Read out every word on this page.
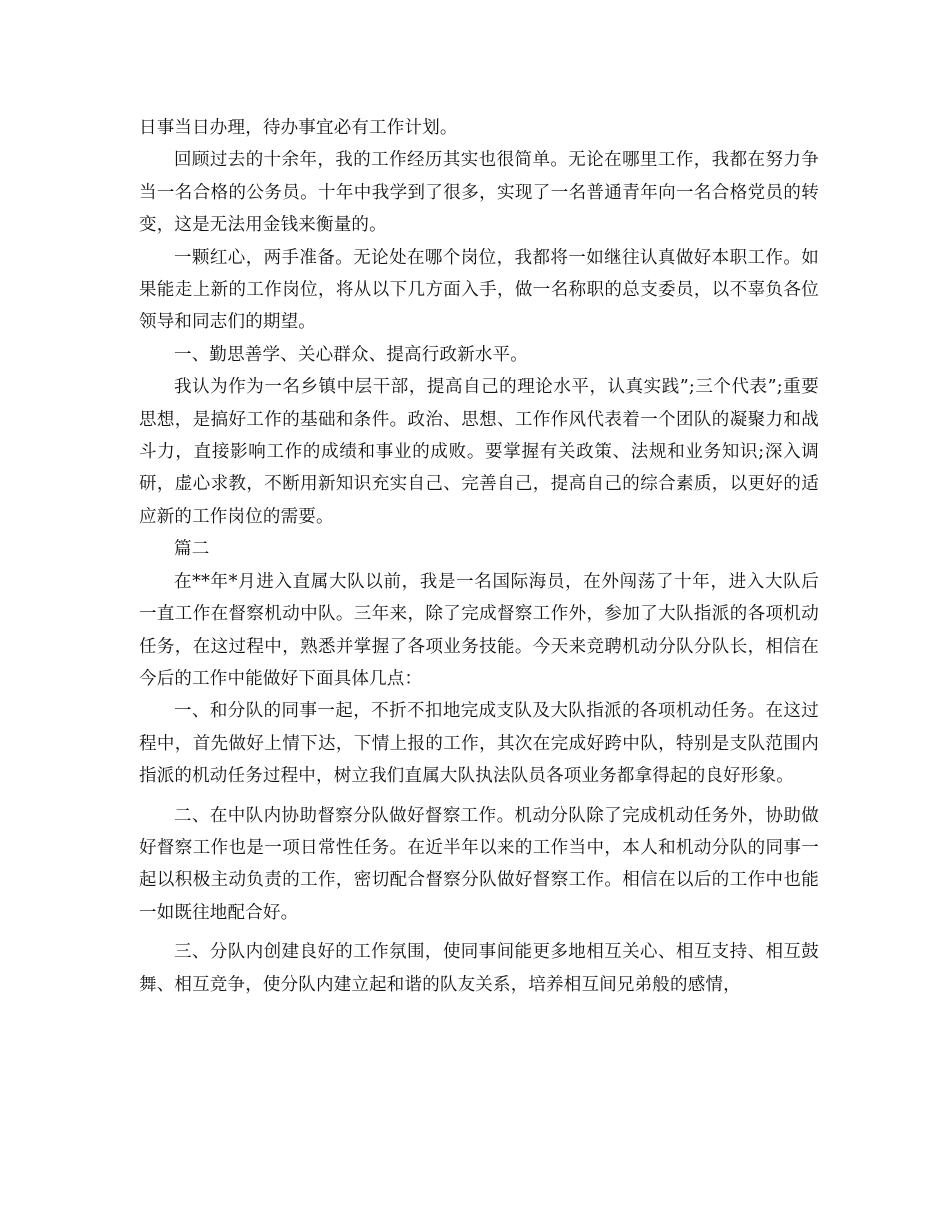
日事当日办理，待办事宜必有工作计划。

回顾过去的十余年，我的工作经历其实也很简单。无论在哪里工作，我都在努力争当一名合格的公务员。十年中我学到了很多，实现了一名普通青年向一名合格党员的转变，这是无法用金钱来衡量的。

一颗红心，两手准备。无论处在哪个岗位，我都将一如继往认真做好本职工作。如果能走上新的工作岗位，将从以下几方面入手，做一名称职的总支委员，以不辜负各位领导和同志们的期望。

一、勤思善学、关心群众、提高行政新水平。

我认为作为一名乡镇中层干部，提高自己的理论水平，认真实践”;三个代表”;重要思想，是搞好工作的基础和条件。政治、思想、工作作风代表着一个团队的凝聚力和战斗力，直接影响工作的成绩和事业的成败。要掌握有关政策、法规和业务知识;深入调研，虚心求教，不断用新知识充实自己、完善自己，提高自己的综合素质，以更好的适应新的工作岗位的需要。

篇二

在**年*月进入直属大队以前，我是一名国际海员，在外闯荡了十年，进入大队后一直工作在督察机动中队。三年来，除了完成督察工作外，参加了大队指派的各项机动任务，在这过程中，熟悉并掌握了各项业务技能。今天来竞聘机动分队分队长，相信在今后的工作中能做好下面具体几点：

一、和分队的同事一起，不折不扣地完成支队及大队指派的各项机动任务。在这过程中，首先做好上情下达，下情上报的工作，其次在完成好跨中队，特别是支队范围内指派的机动任务过程中，树立我们直属大队执法队员各项业务都拿得起的良好形象。

二、在中队内协助督察分队做好督察工作。机动分队除了完成机动任务外，协助做好督察工作也是一项日常性任务。在近半年以来的工作当中，本人和机动分队的同事一起以积极主动负责的工作，密切配合督察分队做好督察工作。相信在以后的工作中也能一如既往地配合好。

三、分队内创建良好的工作氛围，使同事间能更多地相互关心、相互支持、相互鼓舞、相互竞争，使分队内建立起和谐的队友关系，培养相互间兄弟般的感情，
